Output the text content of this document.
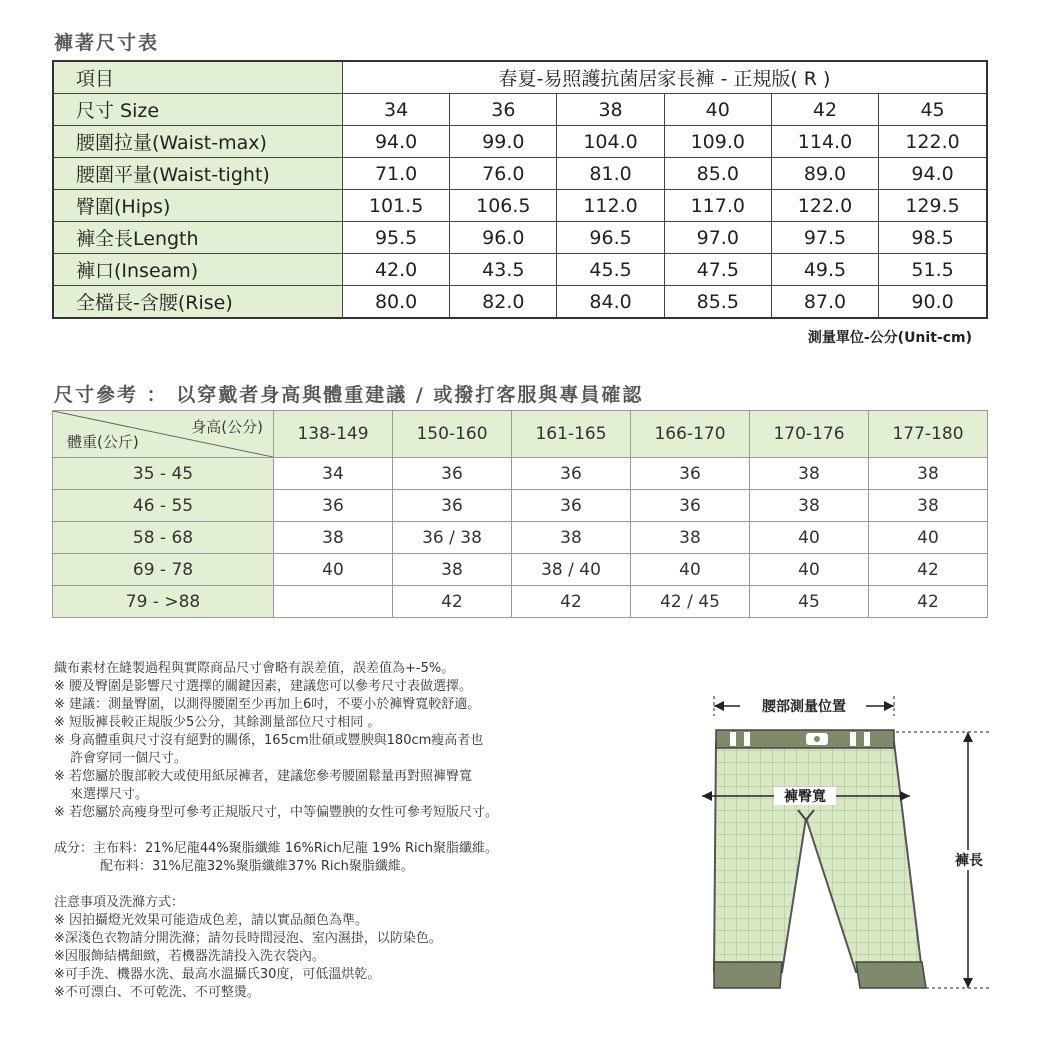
褲著尺寸表
項目	春夏-易照護抗菌居家長褲 - 正規版( R )					
尺寸 Size	34	36	38	40	42	45
腰圍拉量(Waist-max)	94.0	99.0	104.0	109.0	114.0	122.0
腰圍平量(Waist-tight)	71.0	76.0	81.0	85.0	89.0	94.0
臀圍(Hips)	101.5	106.5	112.0	117.0	122.0	129.5
褲全長Length	95.5	96.0	96.5	97.0	97.5	98.5
褲口(Inseam)	42.0	43.5	45.5	47.5	49.5	51.5
全檔長-含腰(Rise)	80.0	82.0	84.0	85.5	87.0	90.0
測量單位-公分(Unit-cm)
尺寸參考 ： 以穿戴者身高與體重建議 / 或撥打客服與專員確認
身高(公分)
體重(公斤)	138-149	150-160	161-165	166-170	170-176	177-180
35 - 45	34	36	36	36	38	38
46 - 55	36	36	36	36	38	38
58 - 68	38	36 / 38	38	38	40	40
69 - 78	40	38	38 / 40	40	40	42
79 - >88		42	42	42 / 45	45	42
織布素材在縫製過程與實際商品尺寸會略有誤差值，誤差值為+-5%。
※ 腰及臀圍是影響尺寸選擇的關鍵因素，建議您可以參考尺寸表做選擇。
※ 建議：測量臀圍，以測得腰圍至少再加上6吋，不要小於褲臀寬較舒適。
※ 短版褲長較正規版少5公分，其餘測量部位尺寸相同 。
※ 身高體重與尺寸沒有絕對的關係，165cm壯碩或豐腴與180cm瘦高者也
許會穿同一個尺寸。
※ 若您屬於腹部較大或使用紙尿褲者，建議您參考腰圍鬆量再對照褲臀寬
來選擇尺寸。
※ 若您屬於高瘦身型可參考正規版尺寸，中等偏豐腴的女性可參考短版尺寸。
成分：主布料：21%尼龍44%聚脂纖維 16%Rich尼龍 19% Rich聚脂纖維。
配布料：31%尼龍32%聚脂纖維37% Rich聚脂纖維。
注意事項及洗滌方式：
※ 因拍攝燈光效果可能造成色差，請以實品顏色為準。
※深淺色衣物請分開洗滌；請勿長時間浸泡、室內濕掛，以防染色。
※因服飾結構細緻，若機器洗請投入洗衣袋內。
※可手洗、機器水洗、最高水溫攝氏30度，可低溫烘乾。
※不可漂白、不可乾洗、不可整燙。
腰部測量位置
褲臀寬
褲長
